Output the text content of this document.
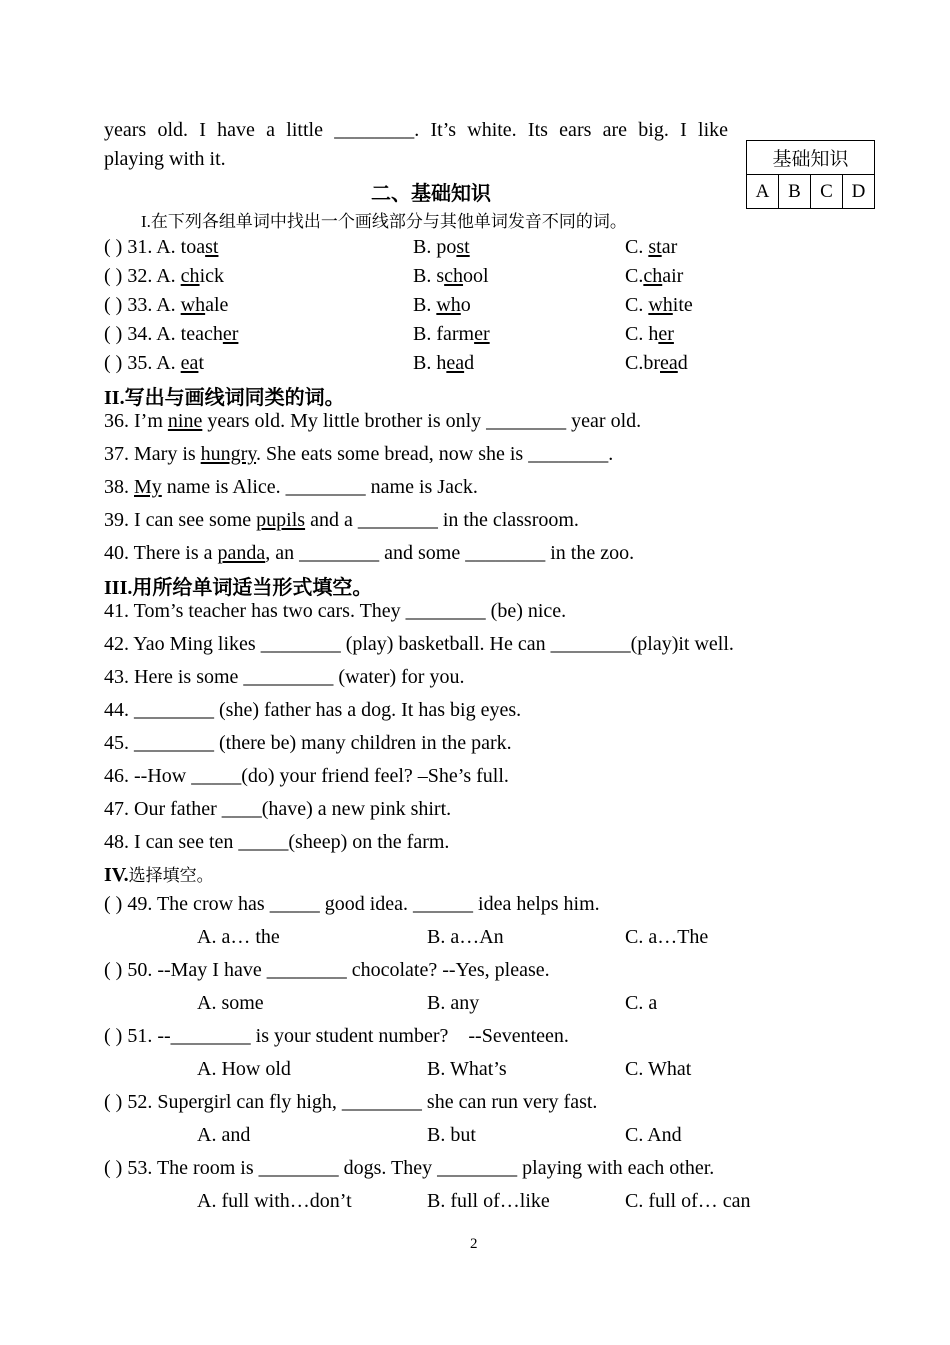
years old. I have a little ________. It’s white. Its ears are big. I like
playing with it.	基础知识
A	B	C	D
二、基础知识
I.在下列各组单词中找出一个画线部分与其他单词发音不同的词。
( ) 31. A. toast	B. post	C. star
( ) 32. A. chick	B. school	C.chair
( ) 33. A. whale	B. who	C. white
( ) 34. A. teacher	B. farmer	C. her
( ) 35. A. eat	B. head	C.bread
II.写出与画线词同类的词。
36. I’m nine years old. My little brother is only ________ year old.
37. Mary is hungry. She eats some bread, now she is ________.
38. My name is Alice. ________ name is Jack.
39. I can see some pupils and a ________ in the classroom.
40. There is a panda, an ________ and some ________ in the zoo.
III.用所给单词适当形式填空。
41. Tom’s teacher has two cars. They ________ (be) nice.
42. Yao Ming likes ________ (play) basketball. He can ________(play)it well.
43. Here is some _________ (water) for you.
44. ________ (she) father has a dog. It has big eyes.
45. ________ (there be) many children in the park.
46. --How _____(do) your friend feel? –She’s full.
47. Our father ____(have) a new pink shirt.
48. I can see ten _____(sheep) on the farm.
IV.选择填空。
( ) 49. The crow has _____ good idea. ______ idea helps him.
A. a… the	B. a…An	C. a…The
( ) 50. --May I have ________ chocolate? --Yes, please.
A. some	B. any	C. a
( ) 51. --________ is your student number?    --Seventeen.
A. How old	B. What’s	C. What
( ) 52. Supergirl can fly high, ________ she can run very fast.
A. and	B. but	C. And
( ) 53. The room is ________ dogs. They ________ playing with each other.
A. full with…don’t	B. full of…like	C. full of… can
2
